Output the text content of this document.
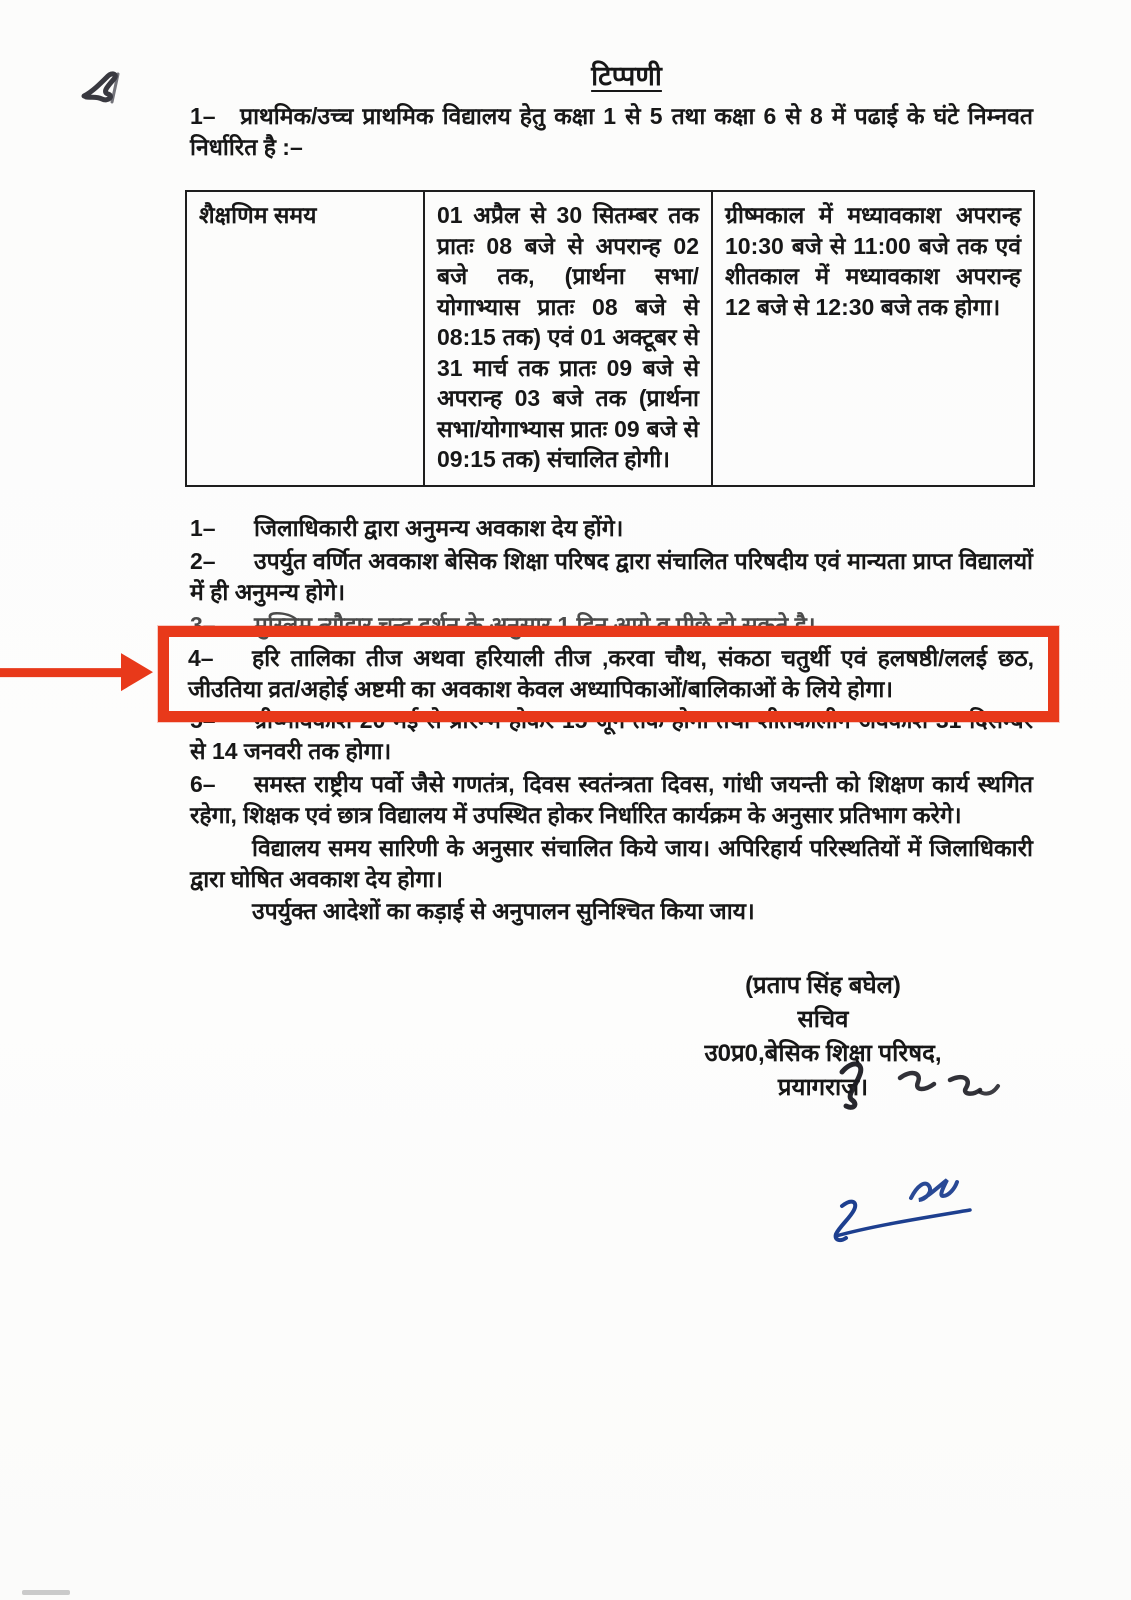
टिप्पणी

1– प्राथमिक/उच्च प्राथमिक विद्यालय हेतु कक्षा 1 से 5 तथा कक्षा 6 से 8 में पढाई के घंटे निम्नवत निर्धारित है :–

शैक्षणिम समय	01 अप्रैल से 30 सितम्बर तक प्रातः 08 बजे से अपरान्ह 02 बजे तक, (प्रार्थना सभा/योगाभ्यास प्रातः 08 बजे से 08:15 तक) एवं 01 अक्टूबर से 31 मार्च तक प्रातः 09 बजे से अपरान्ह 03 बजे तक (प्रार्थना सभा/योगाभ्यास प्रातः 09 बजे से 09:15 तक) संचालित होगी।	ग्रीष्मकाल में मध्यावकाश अपरान्ह 10:30 बजे से 11:00 बजे तक एवं शीतकाल में मध्यावकाश अपरान्ह 12 बजे से 12:30 बजे तक होगा।
1– जिलाधिकारी द्वारा अनुमन्य अवकाश देय होंगे।
2– उपर्युत वर्णित अवकाश बेसिक शिक्षा परिषद द्वारा संचालित परिषदीय एवं मान्यता प्राप्त विद्यालयों में ही अनुमन्य होगे।
3– मुस्लिम त्यौहार चन्द दर्शन के अनुसार 1 दिन आगे व पीछे हो सकते है।
4– हरि तालिका तीज अथवा हरियाली तीज ,करवा चौथ, संकठा चतुर्थी एवं हलषष्ठी/ललई छठ, जीउतिया व्रत/अहोई अष्टमी का अवकाश केवल अध्यापिकाओं/बालिकाओं के लिये होगा।
5– ग्रीष्मावकाश 20 मई से प्रारम्भ होकर 15 जून तक होगा तथा शीतकालीन अवकाश 31 दिसम्बर से 14 जनवरी तक होगा।
6– समस्त राष्ट्रीय पर्वो जैसे गणतंत्र, दिवस स्वतंन्त्रता दिवस, गांधी जयन्ती को शिक्षण कार्य स्थगित रहेगा, शिक्षक एवं छात्र विद्यालय में उपस्थित होकर निर्धारित कार्यक्रम के अनुसार प्रतिभाग करेगे।

विद्यालय समय सारिणी के अनुसार संचालित किये जाय। अपिरिहार्य परिस्थतियों में जिलाधिकारी द्वारा घोषित अवकाश देय होगा।

उपर्युक्त आदेशों का कड़ाई से अनुपालन सुनिश्चित किया जाय।

(प्रताप सिंह बघेल)
सचिव
उ0प्र0,बेसिक शिक्षा परिषद,
प्रयागराज।
